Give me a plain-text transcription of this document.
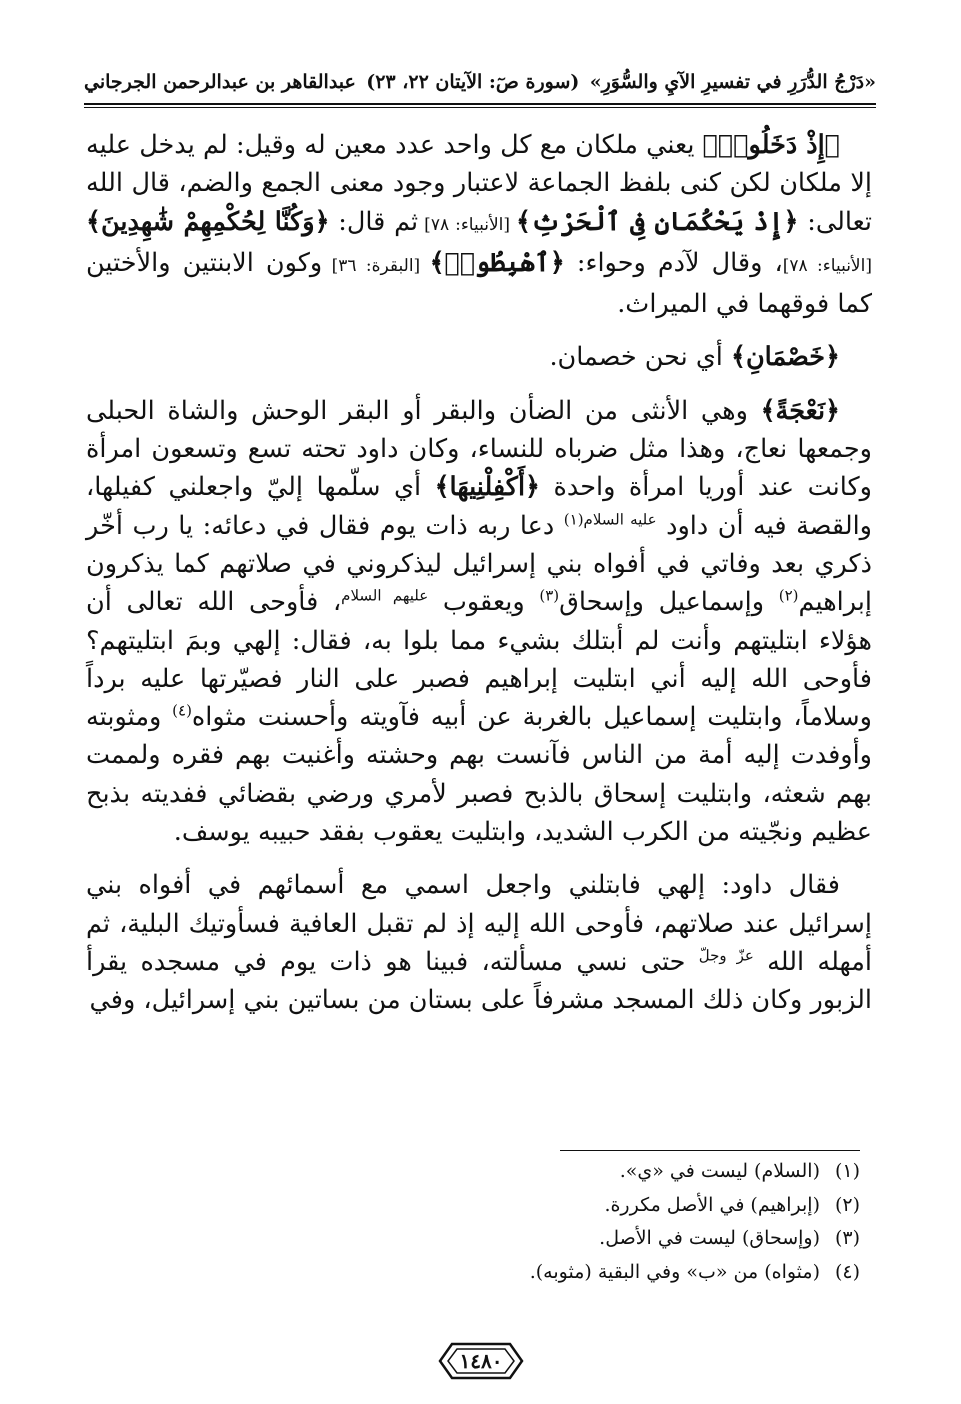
عبدالقاهر بن عبدالرحمن الجرجاني (سورة صٓ: الآيتان ٢٢، ٢٣) «دَرْجُ الدُّرَرِ في تفسيرِ الآيِ والسُّوَرِ»

﴿إِذْ دَخَلُوا۟﴾ يعني ملكان مع كل واحد عدد معين له وقيل: لم يدخل عليه إلا ملكان لكن كنى بلفظ الجماعة لاعتبار وجود معنى الجمع والضم، قال الله تعالى: ﴿إِذْ يَحْكُمَانِ فِى ٱلْحَرْثِ﴾ [الأنبياء: ٧٨] ثم قال: ﴿وَكُنَّا لِحُكْمِهِمْ شَٰهِدِينَ﴾ [الأنبياء: ٧٨]، وقال لآدم وحواء: ﴿ٱهْبِطُوا۟﴾ [البقرة: ٣٦] وكون الابنتين والأختين كما فوقهما في الميراث.

﴿خَصْمَانِ﴾ أي نحن خصمان.

﴿نَعْجَةً﴾ وهي الأنثى من الضأن والبقر أو البقر الوحش والشاة الحبلى وجمعها نعاج، وهذا مثل ضرباه للنساء، وكان داود تحته تسع وتسعون امرأة وكانت عند أوريا امرأة واحدة ﴿أَكْفِلْنِيهَا﴾ أي سلّمها إليّ واجعلني كفيلها، والقصة فيه أن داود $^{عليه السلام(١)}$ دعا ربه ذات يوم فقال في دعائه: يا رب أخّر ذكري بعد وفاتي في أفواه بني إسرائيل ليذكروني في صلاتهم كما يذكرون إبراهيم$^{(٢)}$ وإسماعيل وإسحاق$^{(٣)}$ ويعقوب $^{عليهم السلام}$، فأوحى الله تعالى أن هؤلاء ابتليتهم وأنت لم أبتلك بشيء مما بلوا به، فقال: إلهي وبمَ ابتليتهم؟ فأوحى الله إليه أني ابتليت إبراهيم فصبر على النار فصيّرتها عليه برداً وسلاماً، وابتليت إسماعيل بالغربة عن أبيه فآويته وأحسنت مثواه$^{(٤)}$ ومثوبته وأوفدت إليه أمة من الناس فآنست بهم وحشته وأغنيت بهم فقره ولممت بهم شعثه، وابتليت إسحاق بالذبح فصبر لأمري ورضي بقضائي ففديته بذبح عظيم ونجّيته من الكرب الشديد، وابتليت يعقوب بفقد حبيبه يوسف.

فقال داود: إلهي فابتلني واجعل اسمي مع أسمائهم في أفواه بني إسرائيل عند صلاتهم، فأوحى الله إليه إذ لم تقبل العافية فسأوتيك البلية، ثم أمهله الله $^{عزّ وجلّ}$ حتى نسي مسألته، فبينا هو ذات يوم في مسجده يقرأ الزبور وكان ذلك المسجد مشرفاً على بستان من بساتين بني إسرائيل، وفي

(١)(السلام) ليست في «ي».
(٢)(إبراهيم) في الأصل مكررة.
(٣)(وإسحاق) ليست في الأصل.
(٤)(مثواه) من «ب» وفي البقية (مثوبه).
١٤٨٠
